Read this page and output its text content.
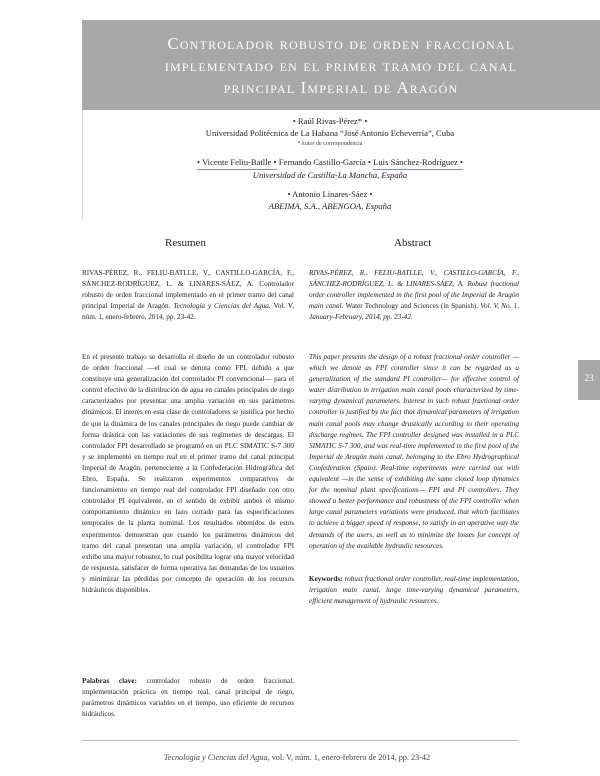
Controlador robusto de orden fraccional
implementado en el primer tramo del canal
principal Imperial de Aragón
• Raúl Rivas-Pérez* •
Universidad Politécnica de La Habana “José Antonio Echeverría”, Cuba
*Autor de correspondencia
• Vicente Feliu-Batlle • Fernando Castillo-García • Luis Sánchez-Rodríguez •
Universidad de Castilla-La Mancha, España
• Antonio Linares-Sáez •
ABEIMA, S.A., ABENGOA, España
Resumen	Abstract

RIVAS-PÉREZ, R., FELIU-BATLLE, V., CASTILLO-GARCÍA, F., SÁNCHEZ-RODRÍGUEZ, L. & LINARES-SÁEZ, A. Controlador robusto de orden fraccional implementado en el primer tramo del canal principal Imperial de Aragón. Tecnología y Ciencias del Agua. Vol. V, núm. 1, enero-febrero, 2014, pp. 23-42.

En el presente trabajo se desarrolla el diseño de un controlador robusto de orden fraccional —el cual se denota como FPI, debido a que constituye una generalización del controlador PI convencional— para el control efectivo de la distribución de agua en canales principales de riego caracterizados por presentar una amplia variación en sus parámetros dinámicos. El interés en esta clase de controladores se justifica por hecho de que la dinámica de los canales principales de riego puede cambiar de forma drástica con las variaciones de sus regímenes de descargas. El controlador FPI desarrollado se programó en un PLC SIMATIC S-7 300 y se implementó en tiempo real en el primer tramo del canal principal Imperial de Aragón, perteneciente a la Confederación Hidrográfica del Ebro, España. Se realizaron experimentos comparativos de funcionamiento en tiempo real del controlador FPI diseñado con otro controlador PI equivalente, en el sentido de exhibir ambos el mismo comportamiento dinámico en lazo cerrado para las especificaciones temporales de la planta nominal. Los resultados obtenidos de estos experimentos demuestran que cuando los parámetros dinámicos del tramo del canal presentan una amplia variación, el controlador FPI exhibe una mayor robustez, lo cual posibilita lograr una mayor velocidad de respuesta, satisfacer de forma operativa las demandas de los usuarios y minimizar las pérdidas por concepto de operación de los recursos hidráulicos disponibles.

Palabras clave: controlador robusto de orden fraccional, implementación práctica en tiempo real, canal principal de riego, parámetros dinámicos variables en el tiempo, uso eficiente de recursos hidráulicos.

RIVAS-PÉREZ, R., FELIU-BATLLE, V., CASTILLO-GARCÍA, F., SÁNCHEZ-RODRÍGUEZ, L. & LINARES-SÁEZ, A. Robust fractional order controller implemented in the first pool of the Imperial de Aragón main canal. Water Technology and Sciences (in Spanish). Vol. V, No. 1, January-February, 2014, pp. 23-42.

This paper presents the design of a robust fractional order controller —which we denote as FPI controller since it can be regarded as a generalization of the standard PI controller— for effective control of water distribution in irrigation main canal pools characterized by time-varying dynamical parameters. Interest in such robust fractional order controller is justified by the fact that dynamical parameters of irrigation main canal pools may change drastically according to their operating discharge regimes. The FPI controller designed was installed in a PLC SIMATIC S-7 300, and was real-time implemented in the first pool of the Imperial de Aragón main canal, belonging to the Ebro Hydrographical Confederation (Spain). Real-time experiments were carried out with equivalent —in the sense of exhibiting the same closed loop dynamics for the nominal plant specifications— FPI and PI controllers. They showed a better performance and robustness of the FPI controller when large canal parameters variations were produced, that which facilitates to achieve a bigger speed of response, to satisfy in an operative way the demands of the users, as well as to minimize the losses for concept of operation of the available hydraulic resources.

Keywords: robust fractional order controller, real-time implementation, irrigation main canal, large time-varying dynamical parameters, efficient management of hydraulic resources.

23
Tecnología y Ciencias del Agua, vol. V, núm. 1, enero-febrero de 2014, pp. 23-42
